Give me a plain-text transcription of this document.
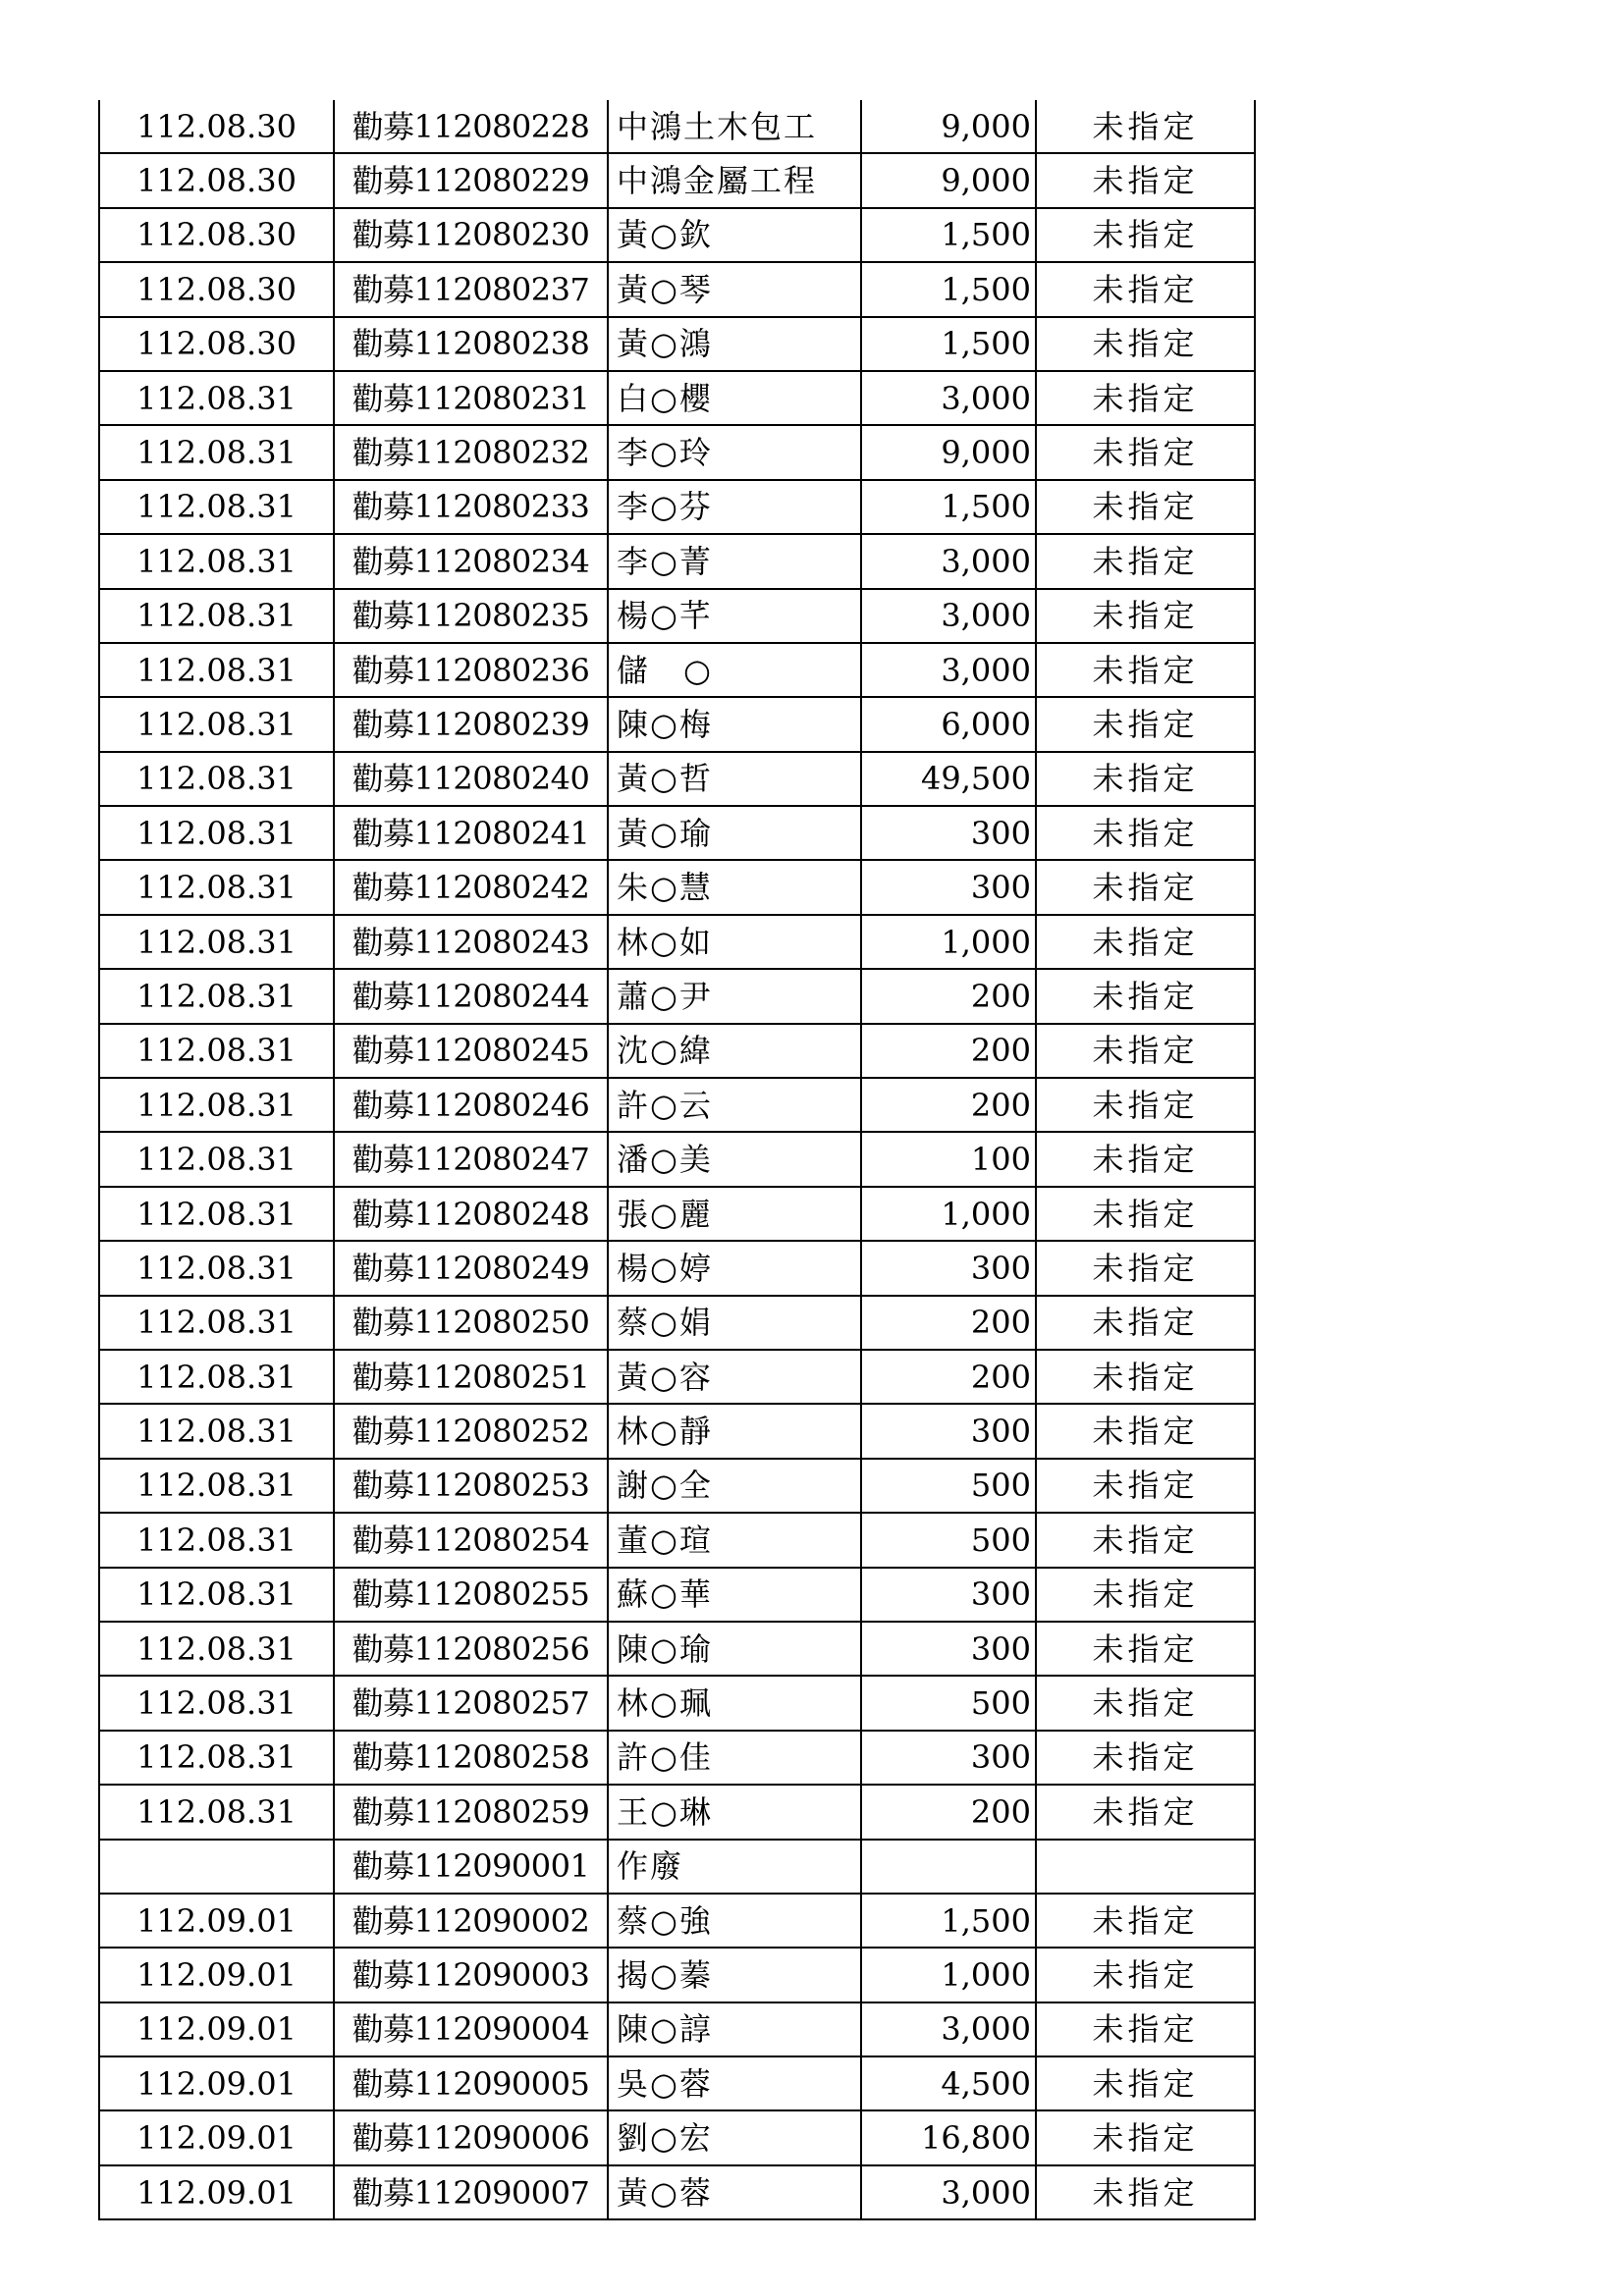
112.08.30	勸募112080228	中鴻土木包工	9,000	未指定
112.08.30	勸募112080229	中鴻金屬工程	9,000	未指定
112.08.30	勸募112080230	黃○欽	1,500	未指定
112.08.30	勸募112080237	黃○琴	1,500	未指定
112.08.30	勸募112080238	黃○鴻	1,500	未指定
112.08.31	勸募112080231	白○櫻	3,000	未指定
112.08.31	勸募112080232	李○玲	9,000	未指定
112.08.31	勸募112080233	李○芬	1,500	未指定
112.08.31	勸募112080234	李○菁	3,000	未指定
112.08.31	勸募112080235	楊○芊	3,000	未指定
112.08.31	勸募112080236	儲　○	3,000	未指定
112.08.31	勸募112080239	陳○梅	6,000	未指定
112.08.31	勸募112080240	黃○哲	49,500	未指定
112.08.31	勸募112080241	黃○瑜	300	未指定
112.08.31	勸募112080242	朱○慧	300	未指定
112.08.31	勸募112080243	林○如	1,000	未指定
112.08.31	勸募112080244	蕭○尹	200	未指定
112.08.31	勸募112080245	沈○緯	200	未指定
112.08.31	勸募112080246	許○云	200	未指定
112.08.31	勸募112080247	潘○美	100	未指定
112.08.31	勸募112080248	張○麗	1,000	未指定
112.08.31	勸募112080249	楊○婷	300	未指定
112.08.31	勸募112080250	蔡○娟	200	未指定
112.08.31	勸募112080251	黃○容	200	未指定
112.08.31	勸募112080252	林○靜	300	未指定
112.08.31	勸募112080253	謝○全	500	未指定
112.08.31	勸募112080254	董○瑄	500	未指定
112.08.31	勸募112080255	蘇○華	300	未指定
112.08.31	勸募112080256	陳○瑜	300	未指定
112.08.31	勸募112080257	林○珮	500	未指定
112.08.31	勸募112080258	許○佳	300	未指定
112.08.31	勸募112080259	王○琳	200	未指定
	勸募112090001	作廢		
112.09.01	勸募112090002	蔡○強	1,500	未指定
112.09.01	勸募112090003	揭○蓁	1,000	未指定
112.09.01	勸募112090004	陳○諄	3,000	未指定
112.09.01	勸募112090005	吳○蓉	4,500	未指定
112.09.01	勸募112090006	劉○宏	16,800	未指定
112.09.01	勸募112090007	黃○蓉	3,000	未指定
